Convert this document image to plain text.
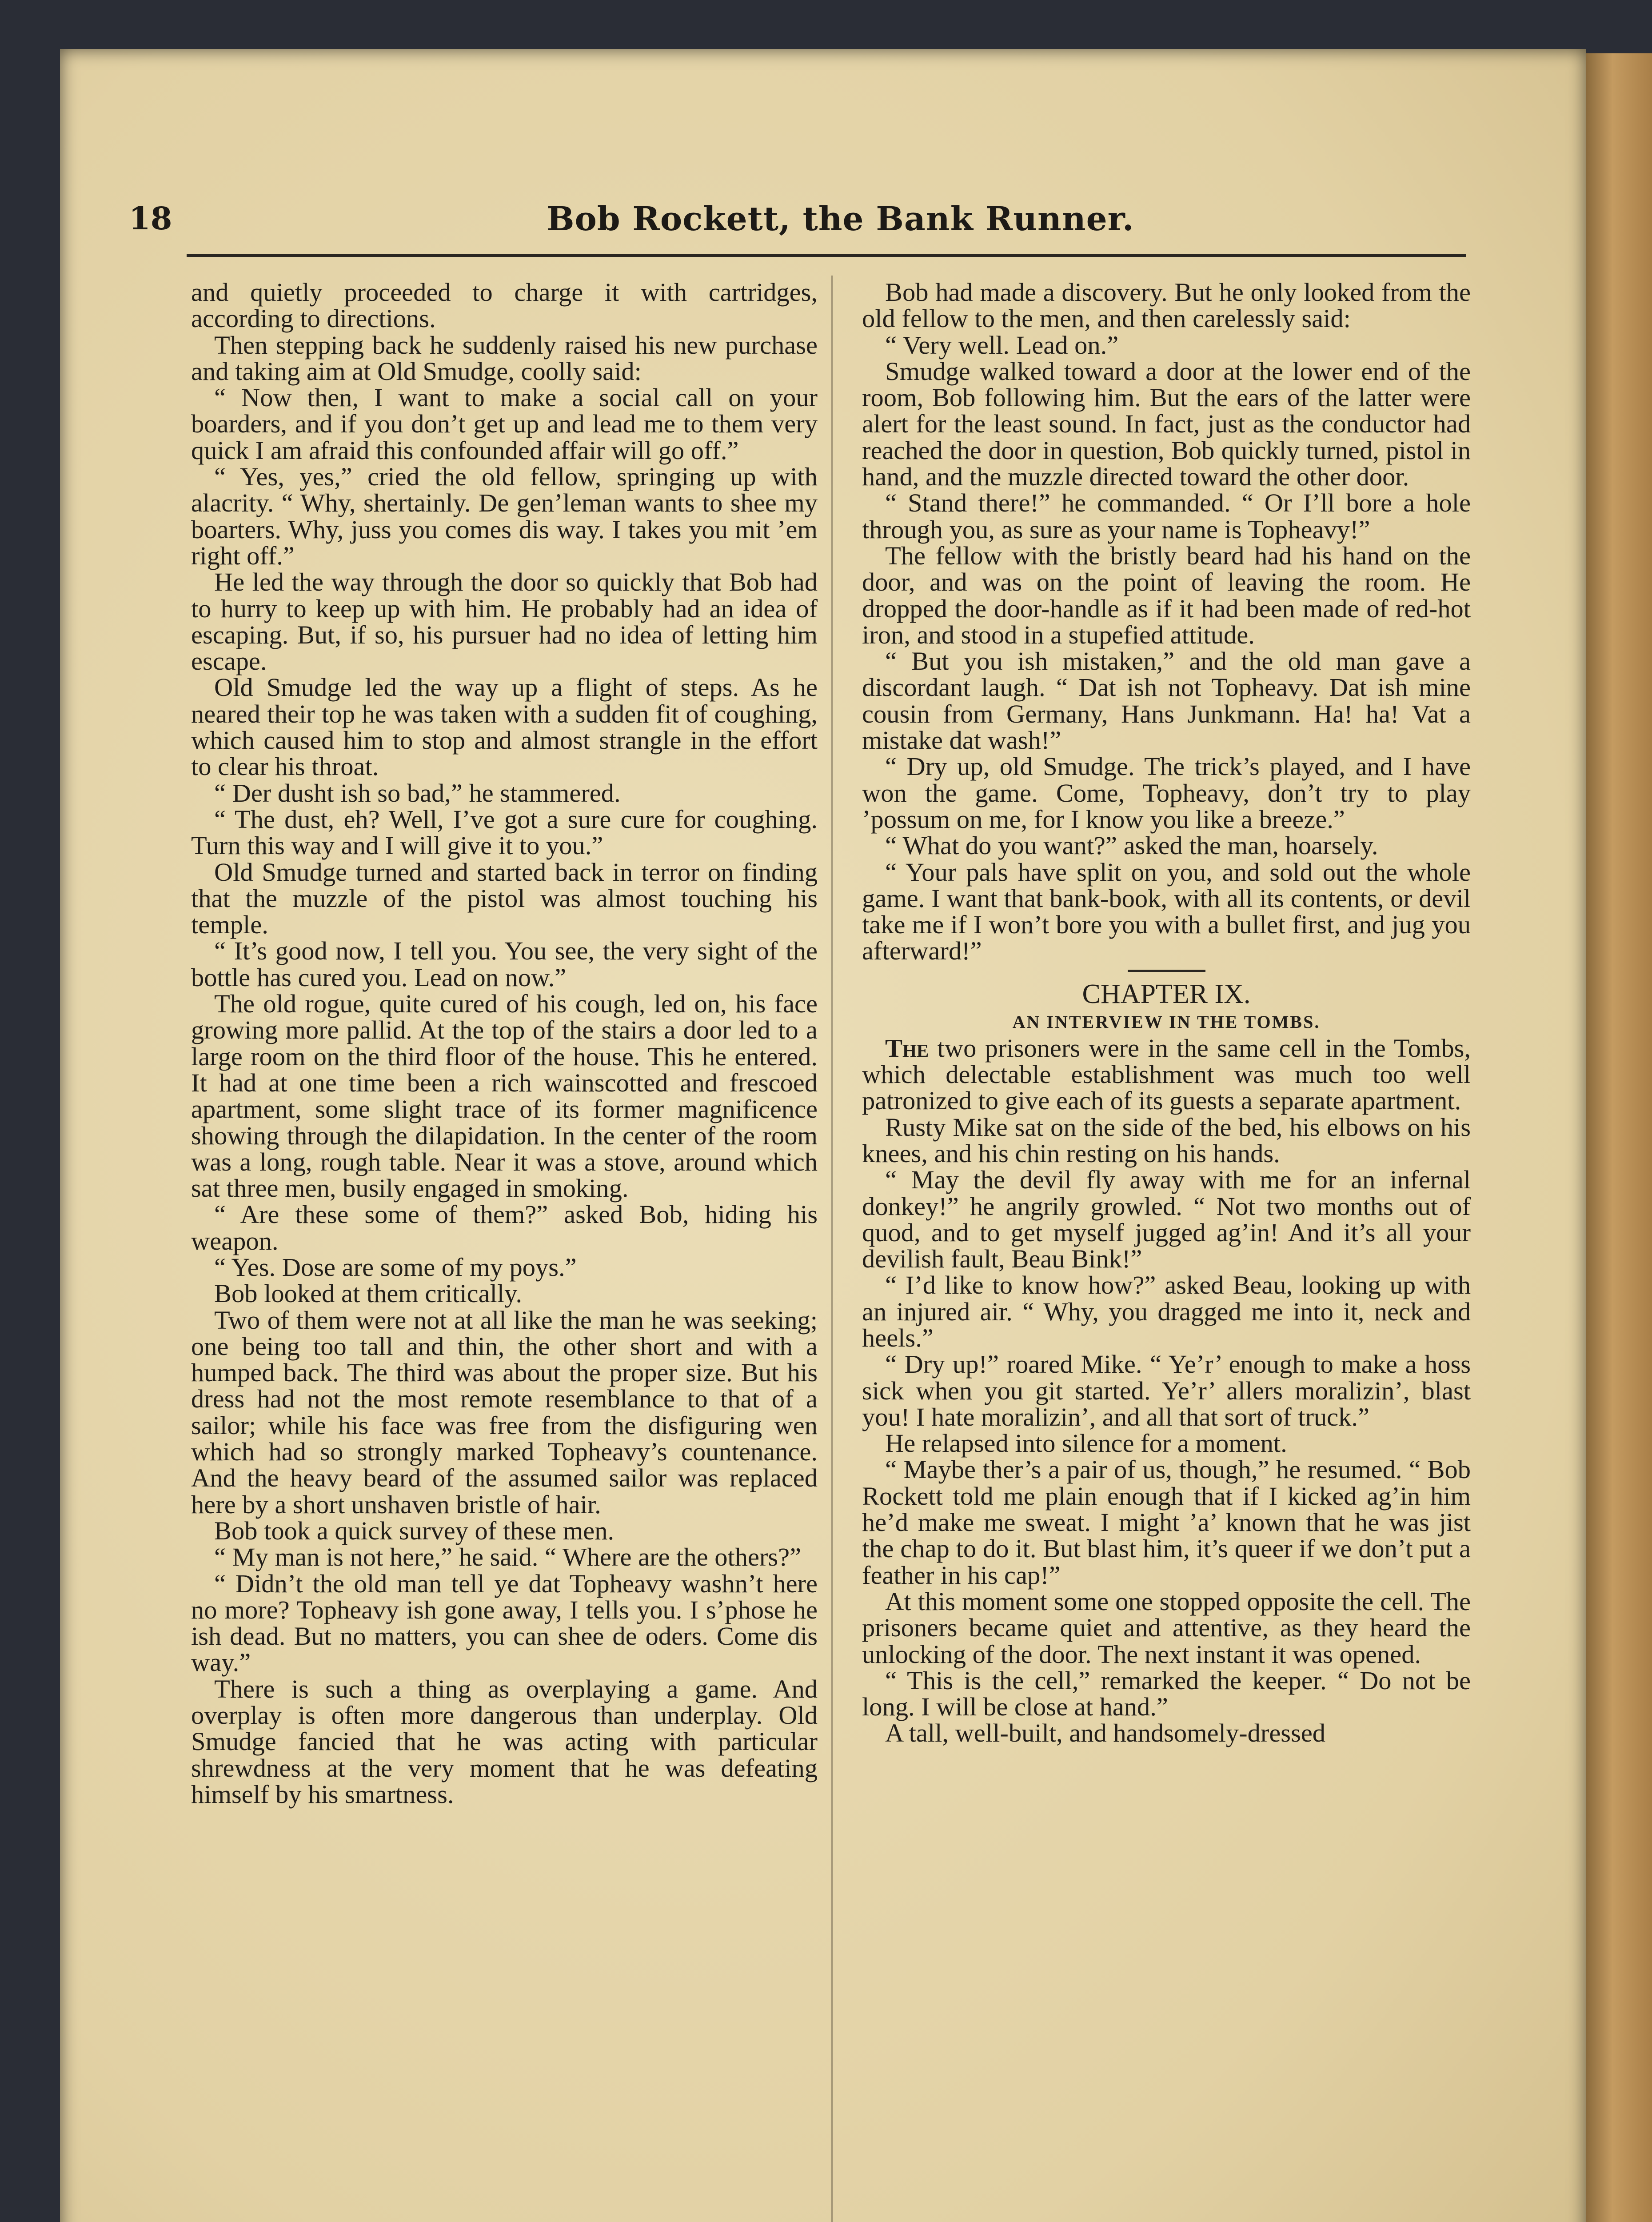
18	Bob Rockett, the Bank Runner.

and quietly proceeded to charge it with cartridges, according to directions.

Then stepping back he suddenly raised his new purchase and taking aim at Old Smudge, coolly said:

“ Now then, I want to make a social call on your boarders, and if you don’t get up and lead me to them very quick I am afraid this confounded affair will go off.”

“ Yes, yes,” cried the old fellow, springing up with alacrity. “ Why, shertainly. De gen’leman wants to shee my boarters. Why, juss you comes dis way. I takes you mit ’em right off.”

He led the way through the door so quickly that Bob had to hurry to keep up with him. He probably had an idea of escaping. But, if so, his pursuer had no idea of letting him escape.

Old Smudge led the way up a flight of steps. As he neared their top he was taken with a sudden fit of coughing, which caused him to stop and almost strangle in the effort to clear his throat.

“ Der dusht ish so bad,” he stammered.

“ The dust, eh? Well, I’ve got a sure cure for coughing. Turn this way and I will give it to you.”

Old Smudge turned and started back in terror on finding that the muzzle of the pistol was almost touching his temple.

“ It’s good now, I tell you. You see, the very sight of the bottle has cured you. Lead on now.”

The old rogue, quite cured of his cough, led on, his face growing more pallid. At the top of the stairs a door led to a large room on the third floor of the house. This he entered. It had at one time been a rich wainscotted and frescoed apartment, some slight trace of its former magnificence showing through the dilapidation. In the center of the room was a long, rough table. Near it was a stove, around which sat three men, busily engaged in smoking.

“ Are these some of them?” asked Bob, hiding his weapon.

“ Yes. Dose are some of my poys.”

Bob looked at them critically.

Two of them were not at all like the man he was seeking; one being too tall and thin, the other short and with a humped back. The third was about the proper size. But his dress had not the most remote resemblance to that of a sailor; while his face was free from the disfiguring wen which had so strongly marked Topheavy’s countenance. And the heavy beard of the assumed sailor was replaced here by a short unshaven bristle of hair.

Bob took a quick survey of these men.

“ My man is not here,” he said. “ Where are the others?”

“ Didn’t the old man tell ye dat Topheavy washn’t here no more? Topheavy ish gone away, I tells you. I s’phose he ish dead. But no matters, you can shee de oders. Come dis way.”

There is such a thing as overplaying a game. And overplay is often more dangerous than underplay. Old Smudge fancied that he was acting with particular shrewdness at the very moment that he was defeating himself by his smartness.

Bob had made a discovery. But he only looked from the old fellow to the men, and then carelessly said:

“ Very well. Lead on.”

Smudge walked toward a door at the lower end of the room, Bob following him. But the ears of the latter were alert for the least sound. In fact, just as the conductor had reached the door in question, Bob quickly turned, pistol in hand, and the muzzle directed toward the other door.

“ Stand there!” he commanded. “ Or I’ll bore a hole through you, as sure as your name is Topheavy!”

The fellow with the bristly beard had his hand on the door, and was on the point of leaving the room. He dropped the door-handle as if it had been made of red-hot iron, and stood in a stupefied attitude.

“ But you ish mistaken,” and the old man gave a discordant laugh. “ Dat ish not Topheavy. Dat ish mine cousin from Germany, Hans Junkmann. Ha! ha! Vat a mistake dat wash!”

“ Dry up, old Smudge. The trick’s played, and I have won the game. Come, Topheavy, don’t try to play ’possum on me, for I know you like a breeze.”

“ What do you want?” asked the man, hoarsely.

“ Your pals have split on you, and sold out the whole game. I want that bank-book, with all its contents, or devil take me if I won’t bore you with a bullet first, and jug you afterward!”

CHAPTER IX.

AN INTERVIEW IN THE TOMBS.

The two prisoners were in the same cell in the Tombs, which delectable establishment was much too well patronized to give each of its guests a separate apartment.

Rusty Mike sat on the side of the bed, his elbows on his knees, and his chin resting on his hands.

“ May the devil fly away with me for an infernal donkey!” he angrily growled. “ Not two months out of quod, and to get myself jugged ag’in! And it’s all your devilish fault, Beau Bink!”

“ I’d like to know how?” asked Beau, looking up with an injured air. “ Why, you dragged me into it, neck and heels.”

“ Dry up!” roared Mike. “ Ye’r’ enough to make a hoss sick when you git started. Ye’r’ allers moralizin’, blast you! I hate moralizin’, and all that sort of truck.”

He relapsed into silence for a moment.

“ Maybe ther’s a pair of us, though,” he resumed. “ Bob Rockett told me plain enough that if I kicked ag’in him he’d make me sweat. I might ’a’ known that he was jist the chap to do it. But blast him, it’s queer if we don’t put a feather in his cap!”

At this moment some one stopped opposite the cell. The prisoners became quiet and attentive, as they heard the unlocking of the door. The next instant it was opened.

“ This is the cell,” remarked the keeper. “ Do not be long. I will be close at hand.”

A tall, well-built, and handsomely-dressed
